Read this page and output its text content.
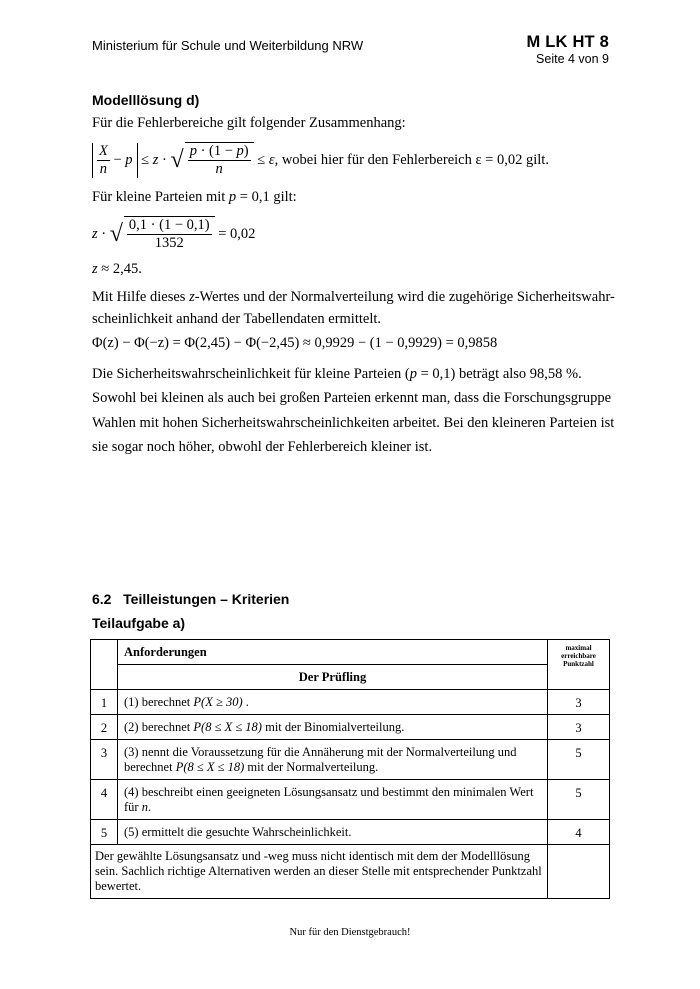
Ministerium für Schule und Weiterbildung NRW	M LK HT 8
Seite 4 von 9
Modelllösung d)
Für die Fehlerbereiche gilt folgender Zusammenhang:
$\frac{X}{n} - p \le z$ · √ $\frac{p \cdot (1 - p)}{n} \le \varepsilon$ , wobei hier für den Fehlerbereich
ε = 0,02
gilt.
Für kleine Parteien mit p = 0,1 gilt:
z · √ $\frac{0,1 \cdot (1 - 0,1)}{1352}$
= 0,02
z ≈ 2,45.
Mit Hilfe dieses z-Wertes und der Normalverteilung wird die zugehörige Sicherheitswahr-
scheinlichkeit anhand der Tabellendaten ermittelt.
Φ(z) − Φ(−z) = Φ(2,45) − Φ(−2,45) ≈ 0,9929 − (1 − 0,9929) = 0,9858
Die Sicherheitswahrscheinlichkeit für kleine Parteien (p = 0,1) beträgt also 98,58 %.
Sowohl bei kleinen als auch bei großen Parteien erkennt man, dass die Forschungsgruppe
Wahlen mit hohen Sicherheitswahrscheinlichkeiten arbeitet. Bei den kleineren Parteien ist
sie sogar noch höher, obwohl der Fehlerbereich kleiner ist.
6.2 Teilleistungen – Kriterien
Teilaufgabe a)
	Anforderungen	maximal
erreichbare
Punktzahl
	Der Prüfling	
1	(1) berechnet P(X ≥ 30) .	3
2	(2) berechnet P(8 ≤ X ≤ 18) mit der Binomialverteilung.	3
3	(3) nennt die Voraussetzung für die Annäherung mit der Normalverteilung und berechnet P(8 ≤ X ≤ 18) mit der Normalverteilung.	5
4	(4) beschreibt einen geeigneten Lösungsansatz und bestimmt den minimalen Wert für n.	5
5	(5) ermittelt die gesuchte Wahrscheinlichkeit.	4
Der gewählte Lösungsansatz und -weg muss nicht identisch mit dem der Modelllösung sein. Sachlich richtige Alternativen werden an dieser Stelle mit entsprechender Punktzahl bewertet.		
Nur für den Dienstgebrauch!
